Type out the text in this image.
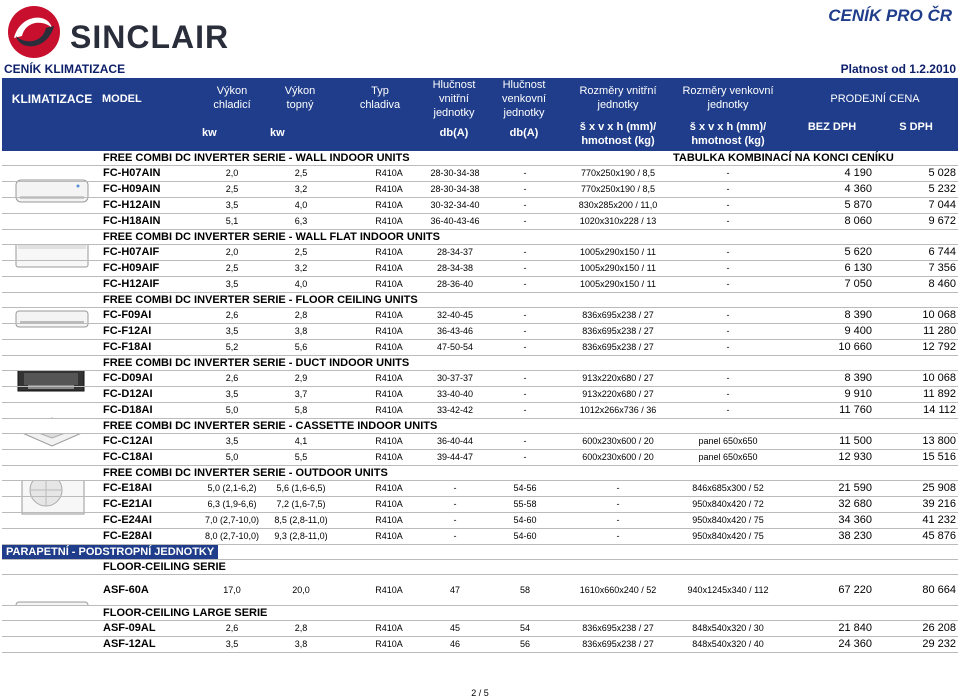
sinclair	CENÍK PRO ČR
CENÍK KLIMATIZACE	Platnost od 1.2.2010
KLIMATIZACE MODEL
Výkon chladicí
Výkon topný
Typ chladiva
Hlučnost vnitřní jednotky
Hlučnost venkovní jednotky
Rozměry vnitřní jednotky
Rozměry venkovní jednotky	PRODEJNÍ CENA
kw	kw	db(A)	db(A)	š x v x h (mm)/ hmotnost (kg)
š x v x h (mm)/ hmotnost (kg)
BEZ DPH	S DPH
FREE COMBI DC INVERTER SERIE - WALL INDOOR UNITS	TABULKA KOMBINACÍ NA KONCI CENÍKU
FC-H07AIN	2,0	2,5	R410A	28-30-34-38	-	770x250x190 / 8,5	-	4 190	5 028
FC-H09AIN	2,5	3,2	R410A	28-30-34-38	-	770x250x190 / 8,5	-	4 360	5 232
FC-H12AIN	3,5	4,0	R410A	30-32-34-40	-	830x285x200 / 11,0	-	5 870	7 044
FC-H18AIN	5,1	6,3	R410A	36-40-43-46	-	1020x310x228 / 13	-	8 060	9 672
FREE COMBI DC INVERTER SERIE - WALL FLAT INDOOR UNITS
FC-H07AIF	2,0	2,5	R410A	28-34-37	-	1005x290x150 / 11	-	5 620	6 744
FC-H09AIF	2,5	3,2	R410A	28-34-38	-	1005x290x150 / 11	-	6 130	7 356
FC-H12AIF	3,5	4,0	R410A	28-36-40	-	1005x290x150 / 11	-	7 050	8 460
FREE COMBI DC INVERTER SERIE - FLOOR CEILING UNITS
FC-F09AI	2,6	2,8	R410A	32-40-45	-	836x695x238 / 27	-	8 390	10 068
FC-F12AI	3,5	3,8	R410A	36-43-46	-	836x695x238 / 27	-	9 400	11 280
FC-F18AI	5,2	5,6	R410A	47-50-54	-	836x695x238 / 27	-	10 660	12 792
FREE COMBI DC INVERTER SERIE - DUCT INDOOR UNITS
FC-D09AI	2,6	2,9	R410A	30-37-37	-	913x220x680 / 27	-	8 390	10 068
FC-D12AI	3,5	3,7	R410A	33-40-40	-	913x220x680 / 27	-	9 910	11 892
FC-D18AI	5,0	5,8	R410A	33-42-42	-	1012x266x736 / 36	-	11 760	14 112
FREE COMBI DC INVERTER SERIE - CASSETTE INDOOR UNITS
FC-C12AI	3,5	4,1	R410A	36-40-44	-	600x230x600 / 20	panel 650x650	11 500	13 800
FC-C18AI	5,0	5,5	R410A	39-44-47	-	600x230x600 / 20	panel 650x650	12 930	15 516
FREE COMBI DC INVERTER SERIE - OUTDOOR UNITS
FC-E18AI	5,0 (2,1-6,2)	5,6 (1,6-6,5)	R410A	-	54-56	-	846x685x300 / 52	21 590	25 908
FC-E21AI	6,3 (1,9-6,6)	7,2 (1,6-7,5)	R410A	-	55-58	-	950x840x420 / 72	32 680	39 216
FC-E24AI	7,0 (2,7-10,0)	8,5 (2,8-11,0)	R410A	-	54-60	-	950x840x420 / 75	34 360	41 232
FC-E28AI	8,0 (2,7-10,0)	9,3 (2,8-11,0)	R410A	-	54-60	-	950x840x420 / 75	38 230	45 876
PARAPETNÍ - PODSTROPNÍ JEDNOTKY
FLOOR-CEILING SERIE
ASF-60A	17,0	20,0	R410A	47	58	1610x660x240 / 52	940x1245x340 / 112	67 220	80 664
FLOOR-CEILING LARGE SERIE
ASF-09AL	2,6	2,8	R410A	45	54	836x695x238 / 27	848x540x320 / 30	21 840	26 208
ASF-12AL	3,5	3,8	R410A	46	56	836x695x238 / 27	848x540x320 / 40	24 360	29 232
2 / 5
